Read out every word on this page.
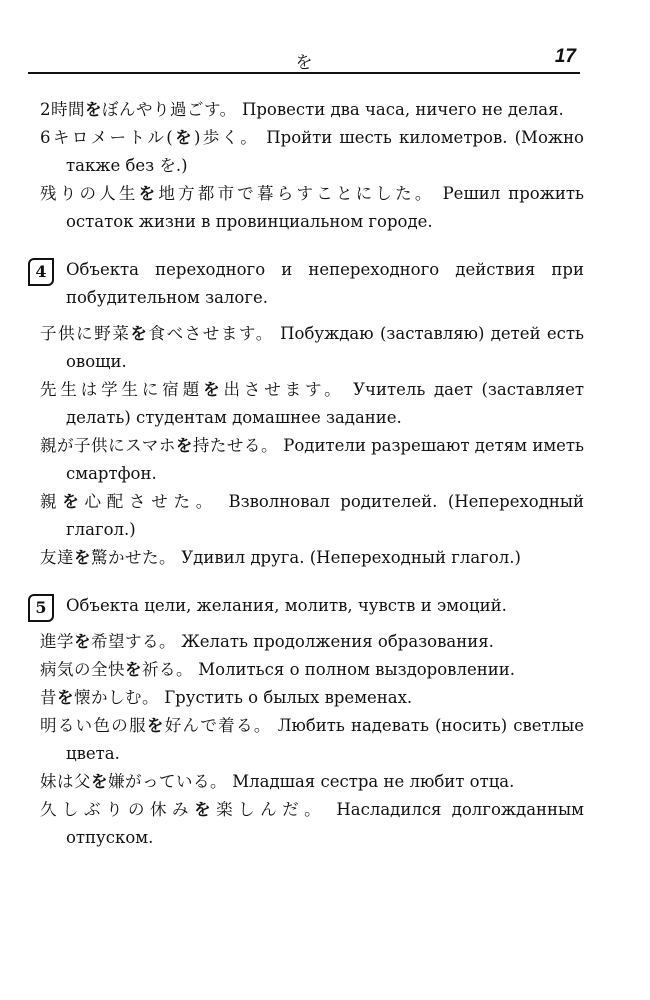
を	17

2時間をぼんやり過ごす。 Провести два часа, ничего не делая.

6キロメートル(を)歩く。 Пройти шесть километров. (Можно также без を.)

残りの人生を地方都市で暮らすことにした。 Решил прожить остаток жизни в провинциальном городе.

4	Объекта переходного и непереходного действия при побудительном залоге.

子供に野菜を食べさせます。 Побуждаю (заставляю) детей есть овощи.

先生は学生に宿題を出させます。 Учитель дает (заставляет делать) студентам домашнее задание.

親が子供にスマホを持たせる。 Родители разрешают детям иметь смартфон.

親を心配させた。 Взволновал родителей. (Непереходный глагол.)

友達を驚かせた。 Удивил друга. (Непереходный глагол.)

5	Объекта цели, желания, молитв, чувств и эмоций.

進学を希望する。 Желать продолжения образования.

病気の全快を祈る。 Молиться о полном выздоровлении.

昔を懐かしむ。 Грустить о былых временах.

明るい色の服を好んで着る。 Любить надевать (носить) светлые цвета.

妹は父を嫌がっている。 Младшая сестра не любит отца.

久しぶりの休みを楽しんだ。 Насладился долгожданным отпуском.
